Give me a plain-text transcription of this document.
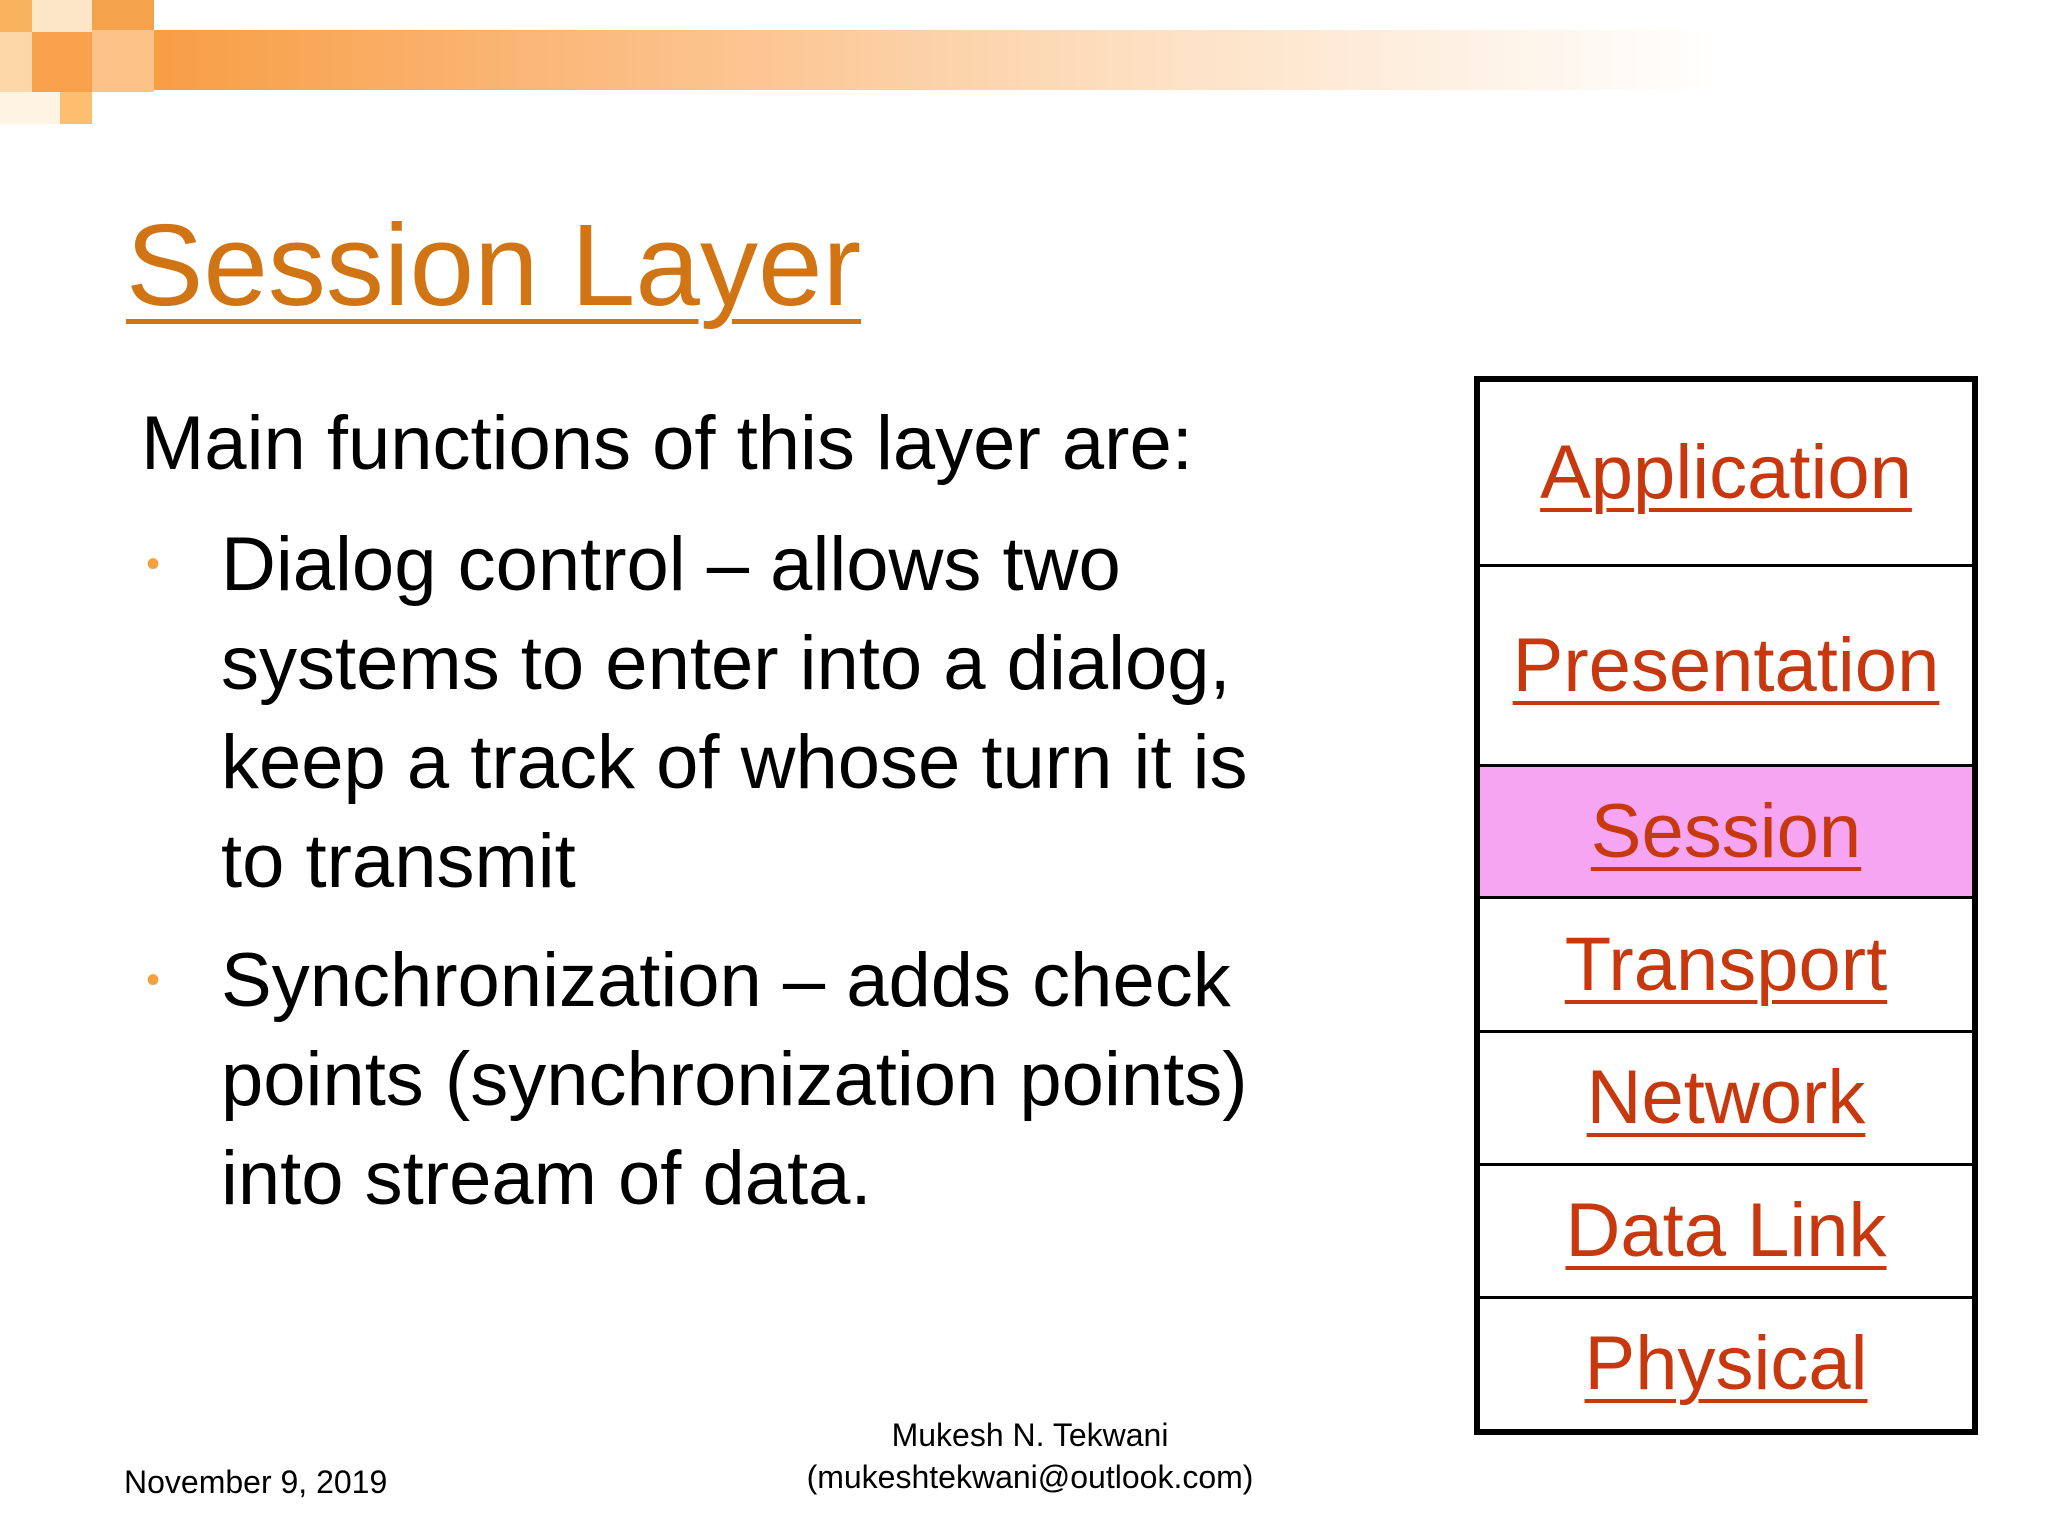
Session Layer

Main functions of this layer are:

• Dialog control – allows two
systems to enter into a dialog,
keep a track of whose turn it is
to transmit
• Synchronization – adds check
points (synchronization points)
into stream of data.
Application
Presentation
Session
Transport
Network
Data Link
Physical
November 9, 2019
Mukesh N. Tekwani
(mukeshtekwani@outlook.com)
